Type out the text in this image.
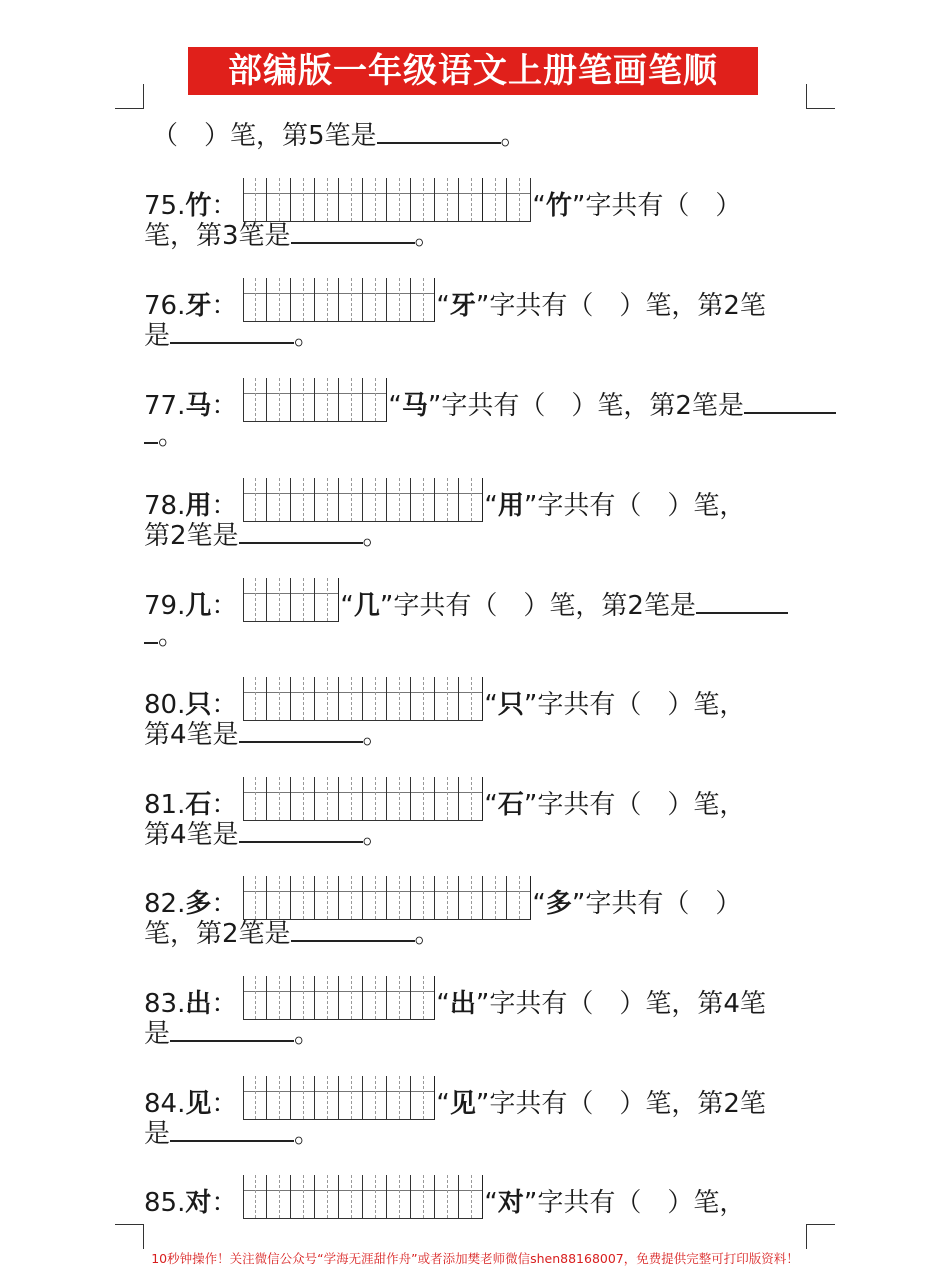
部编版一年级语文上册笔画笔顺
（　）笔，第5笔是	。
75.竹：	“竹”字共有（　）
笔，第3笔是	。
76.牙：	“牙”字共有（　）笔，第2笔
是	。
77.马：	“马”字共有（　）笔，第2笔是
。
78.用：	“用”字共有（　）笔，
第2笔是	。
79.几：	“几”字共有（　）笔，第2笔是
。
80.只：	“只”字共有（　）笔，
第4笔是	。
81.石：	“石”字共有（　）笔，
第4笔是	。
82.多：	“多”字共有（　）
笔，第2笔是	。
83.出：	“出”字共有（　）笔，第4笔
是	。
84.见：	“见”字共有（　）笔，第2笔
是	。
85.对：	“对”字共有（　）笔，
10秒钟操作！关注微信公众号“学海无涯甜作舟”或者添加樊老师微信shen88168007，免费提供完整可打印版资料！
